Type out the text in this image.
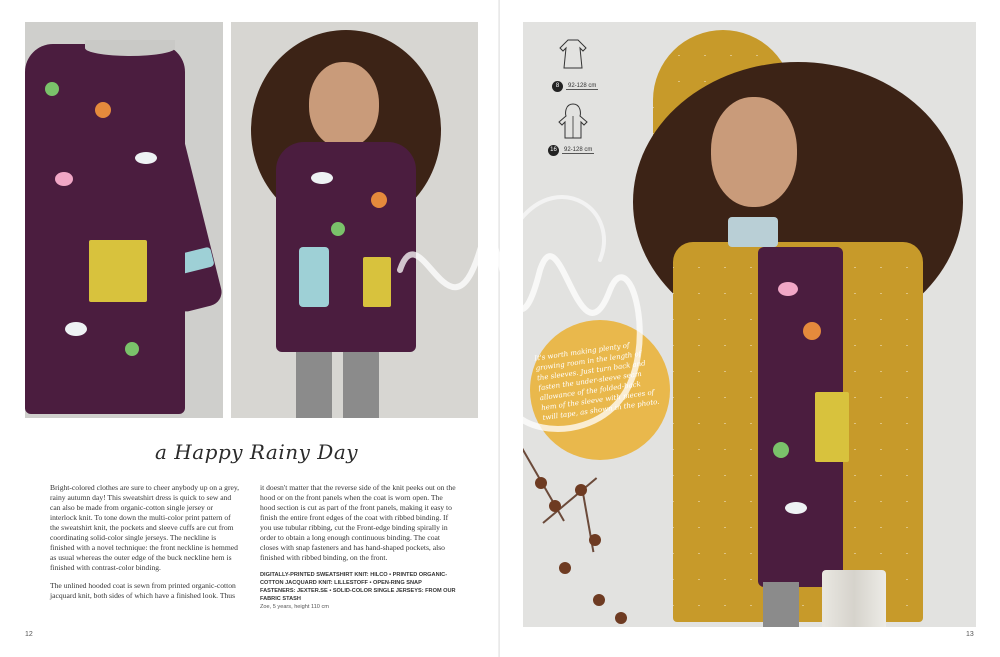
a Happy Rainy Day

Bright-colored clothes are sure to cheer anybody up on a grey, rainy autumn day! This sweatshirt dress is quick to sew and can also be made from organic-cotton single jersey or interlock knit. To tone down the multi-color print pattern of the sweatshirt knit, the pockets and sleeve cuffs are cut from coordinating solid-color single jerseys. The neckline is finished with a novel technique: the front neckline is hemmed as usual whereas the outer edge of the buck neckline hem is finished with contrast-color binding.

The unlined hooded coat is sewn from printed organic-cotton jacquard knit, both sides of which have a finished look. Thus

it doesn't matter that the reverse side of the knit peeks out on the hood or on the front panels when the coat is worn open. The hood section is cut as part of the front panels, making it easy to finish the entire front edges of the coat with ribbed binding. If you use tubular ribbing, cut the Front-edge binding spirally in order to obtain a long enough continuous binding. The coat closes with snap fasteners and has hand-shaped pockets, also finished with ribbed binding, on the front.

DIGITALLY-PRINTED SWEATSHIRT KNIT: HILCO • PRINTED ORGANIC-COTTON JACQUARD KNIT: LILLESTOFF • OPEN-RING SNAP FASTENERS: JEXTER.SE • SOLID-COLOR SINGLE JERSEYS: FROM OUR FABRIC STASH
Zoe, 5 years, height 110 cm
12	13
8	92-128 cm
16	92-128 cm
It's worth making plenty of growing room in the length of the sleeves. Just turn back and fasten the under-sleeve seam allowance of the folded-back hem of the sleeve with pieces of twill tape, as shown in the photo.
